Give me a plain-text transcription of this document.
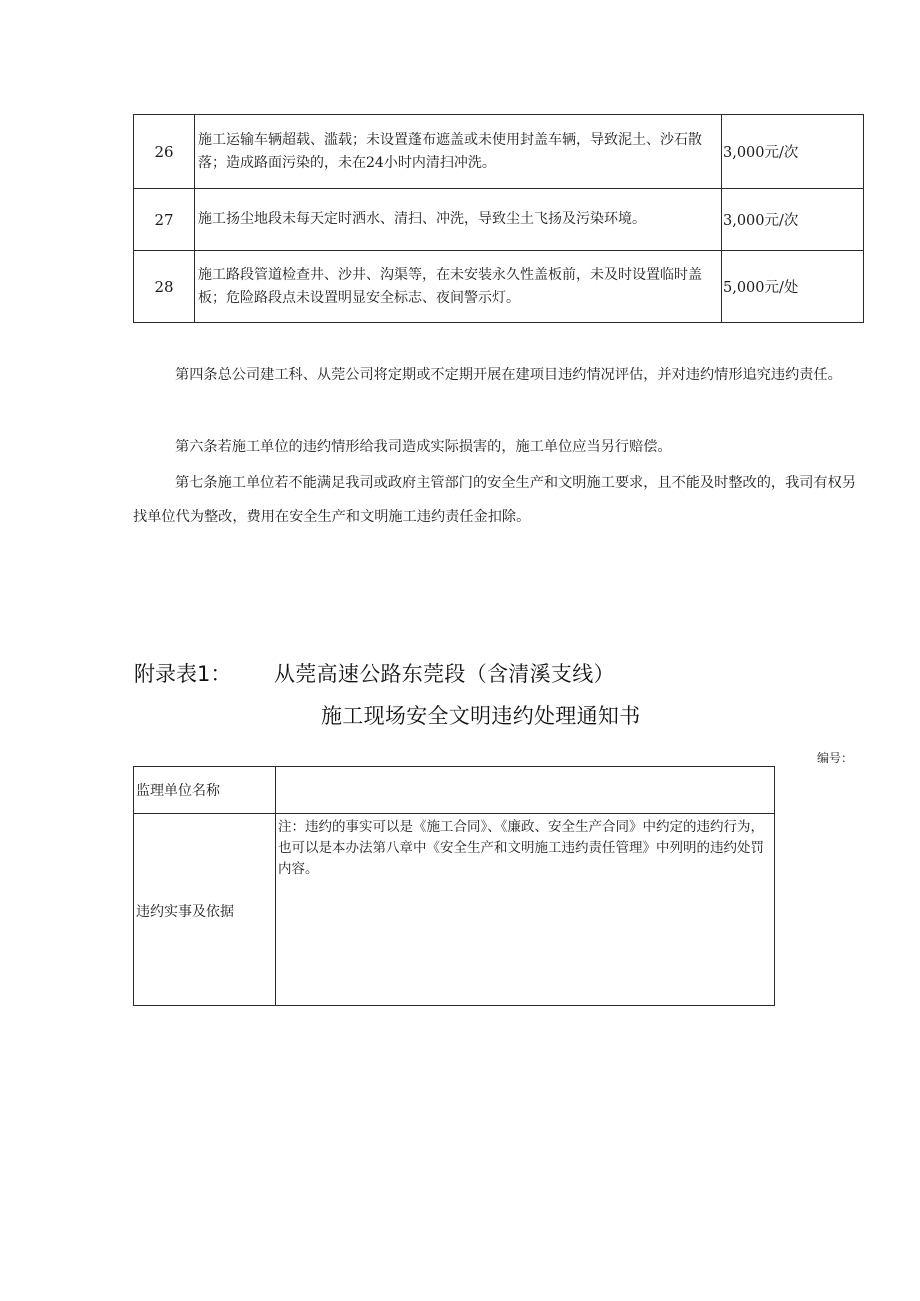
26	施工运输车辆超载、滥载；未设置蓬布遮盖或未使用封盖车辆，导致泥土、沙石散落；造成路面污染的，未在24小时内清扫冲洗。	3,000元/次
27	施工扬尘地段未每天定时洒水、清扫、冲洗，导致尘土飞扬及污染环境。	3,000元/次
28	施工路段管道检查井、沙井、沟渠等，在未安装永久性盖板前，未及时设置临时盖板；危险路段点未设置明显安全标志、夜间警示灯。	5,000元/处

第四条总公司建工科、从莞公司将定期或不定期开展在建项目违约情况评估，并对违约情形追究违约责任。

第六条若施工单位的违约情形给我司造成实际损害的，施工单位应当另行赔偿。

第七条施工单位若不能满足我司或政府主管部门的安全生产和文明施工要求，且不能及时整改的，我司有权另找单位代为整改，费用在安全生产和文明施工违约责任金扣除。

附录表1： 从莞高速公路东莞段（含清溪支线）
施工现场安全文明违约处理通知书
编号：
监理单位名称	
违约实事及依据	注：违约的事实可以是《施工合同》、《廉政、安全生产合同》中约定的违约行为，也可以是本办法第八章中《安全生产和文明施工违约责任管理》中列明的违约处罚内容。
